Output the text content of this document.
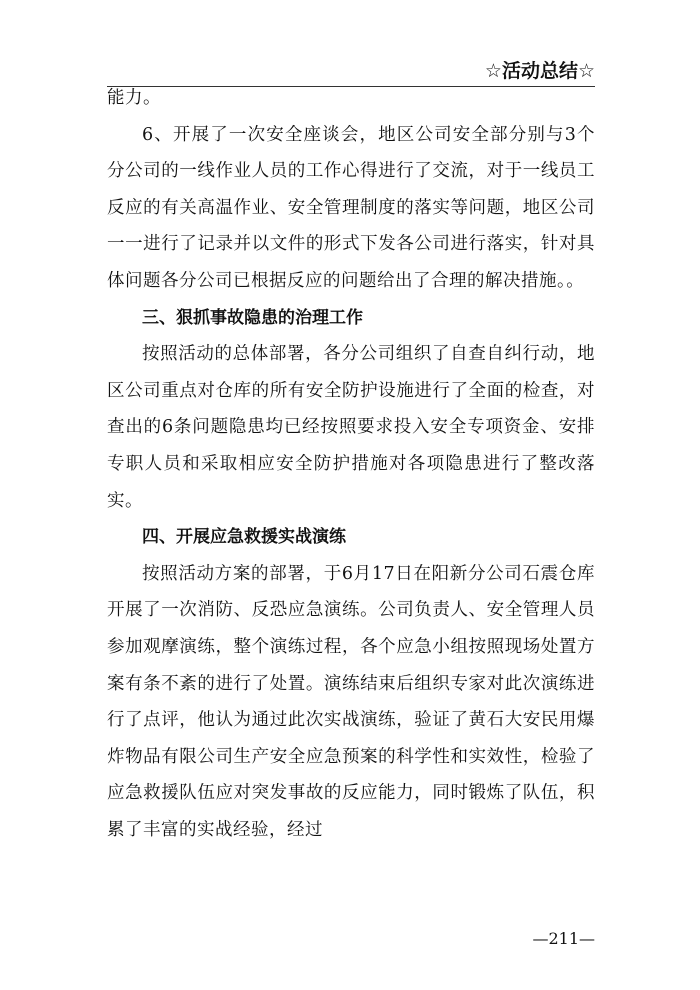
☆活动总结☆

能力。

6、开展了一次安全座谈会，地区公司安全部分别与3个分公司的一线作业人员的工作心得进行了交流，对于一线员工反应的有关高温作业、安全管理制度的落实等问题，地区公司一一进行了记录并以文件的形式下发各公司进行落实，针对具体问题各分公司已根据反应的问题给出了合理的解决措施。。

三、狠抓事故隐患的治理工作

按照活动的总体部署，各分公司组织了自查自纠行动，地区公司重点对仓库的所有安全防护设施进行了全面的检查，对查出的6条问题隐患均已经按照要求投入安全专项资金、安排专职人员和采取相应安全防护措施对各项隐患进行了整改落实。

四、开展应急救援实战演练

按照活动方案的部署，于6月17日在阳新分公司石震仓库开展了一次消防、反恐应急演练。公司负责人、安全管理人员参加观摩演练，整个演练过程，各个应急小组按照现场处置方案有条不紊的进行了处置。演练结束后组织专家对此次演练进行了点评，他认为通过此次实战演练，验证了黄石大安民用爆炸物品有限公司生产安全应急预案的科学性和实效性，检验了应急救援队伍应对突发事故的反应能力，同时锻炼了队伍，积累了丰富的实战经验，经过

—211—
